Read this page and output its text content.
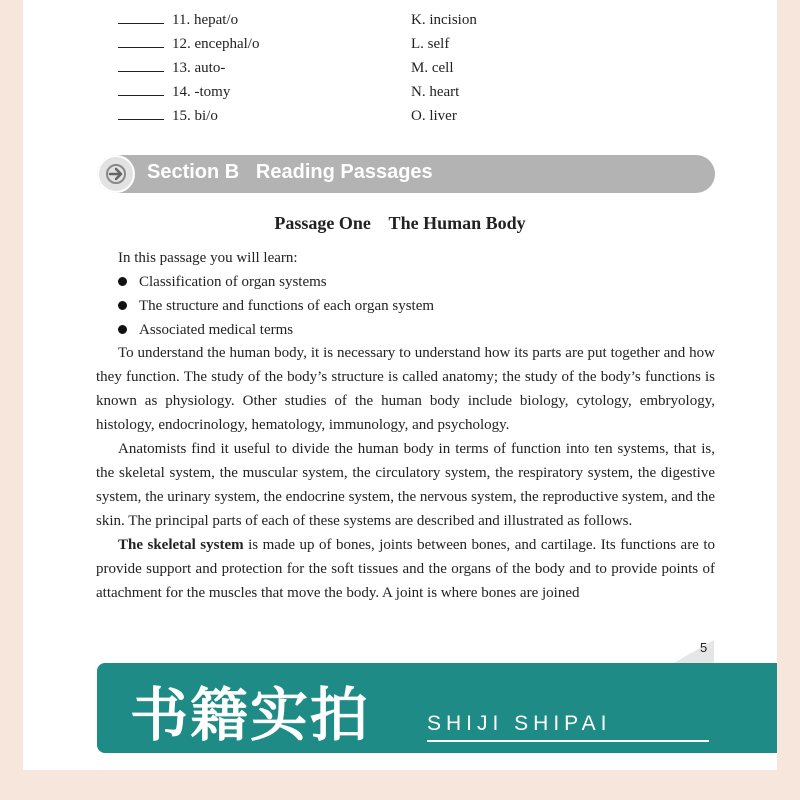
11. hepat/o
12. encephal/o
13. auto-
14. -tomy
15. bi/o
K. incision
L. self
M. cell
N. heart
O. liver
Section B Reading Passages
Passage One    The Human Body
In this passage you will learn:
Classification of organ systems
The structure and functions of each organ system
Associated medical terms

To understand the human body, it is necessary to understand how its parts are put together and how they function. The study of the body’s structure is called anatomy; the study of the body’s functions is known as physiology. Other studies of the human body include biology, cytology, embryology, histology, endocrinology, hematology, immunology, and psychology.

Anatomists find it useful to divide the human body in terms of function into ten systems, that is, the skeletal system, the muscular system, the circulatory system, the respiratory system, the digestive system, the urinary system, the endocrine system, the nervous system, the reproductive system, and the skin. The principal parts of each of these systems are described and illustrated as follows.

The skeletal system is made up of bones, joints between bones, and cartilage. Its functions are to provide support and protection for the soft tissues and the organs of the body and to provide points of attachment for the muscles that move the body. A joint is where bones are joined

5
书籍实拍	SHIJI SHIPAI
